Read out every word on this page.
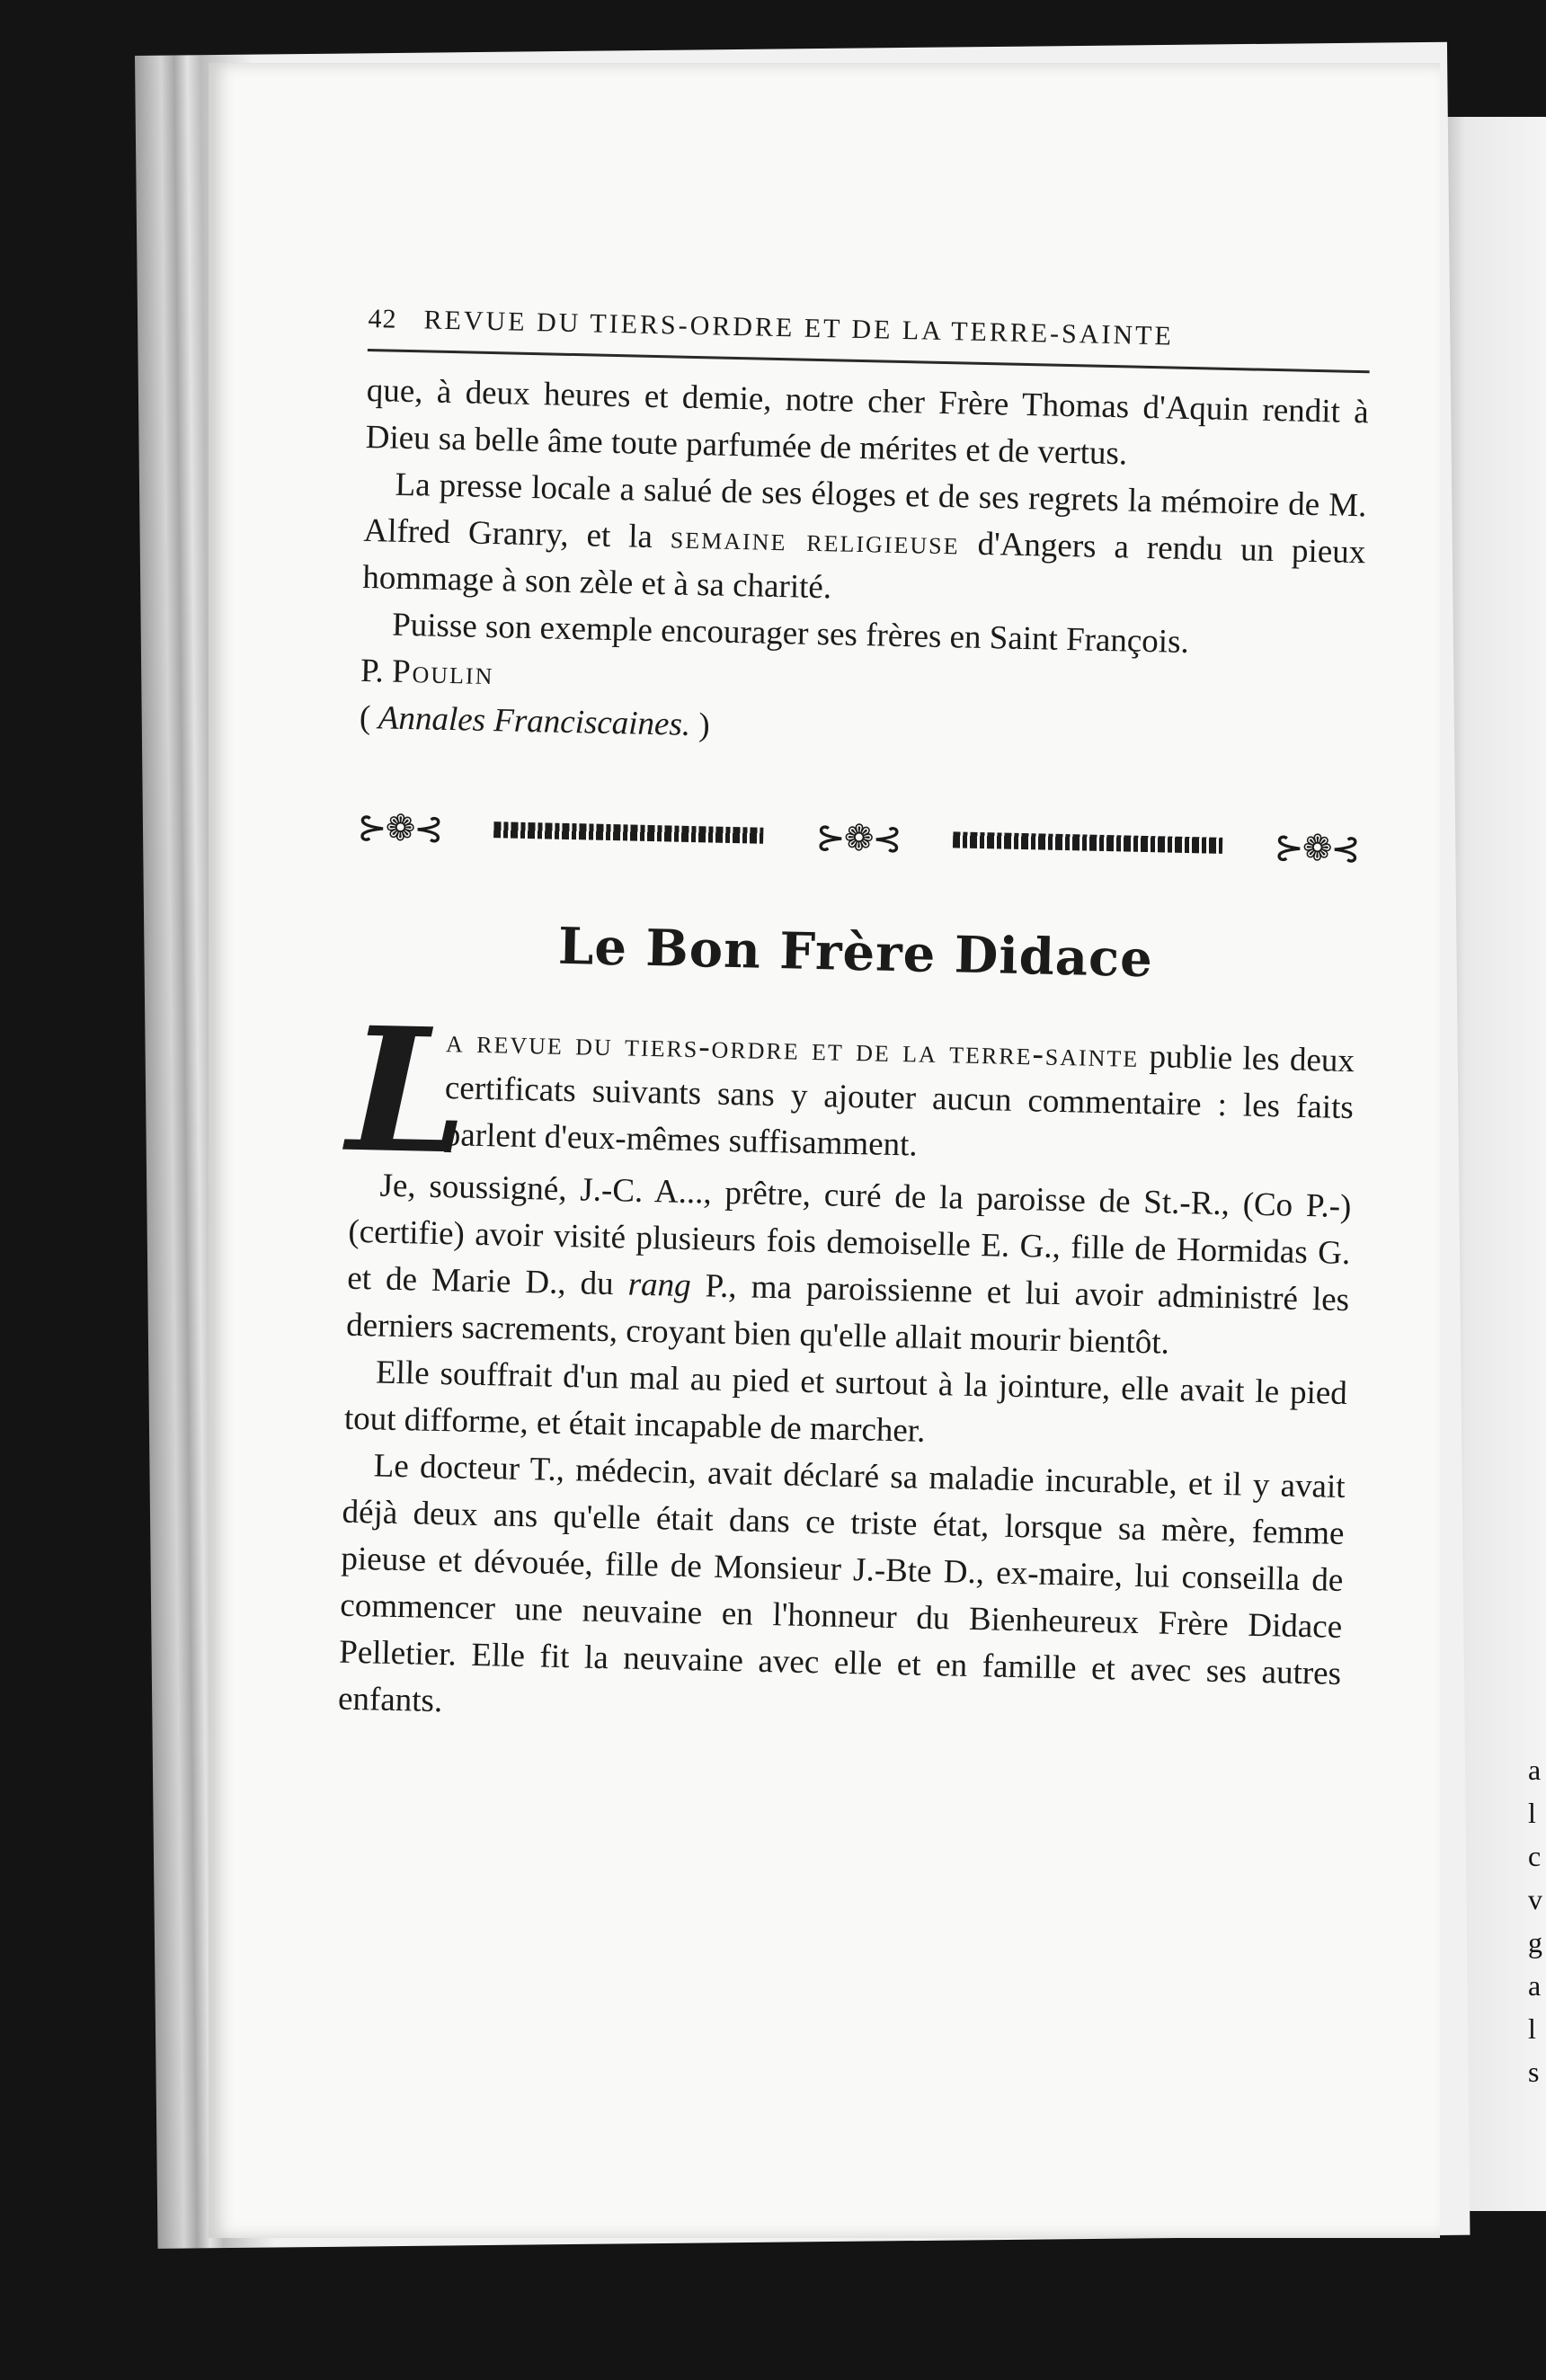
a
l
c
v
g
a
l
s
42 REVUE DU TIERS-ORDRE ET DE LA TERRE-SAINTE

que, à deux heures et demie, notre cher Frère Thomas d'Aquin rendit à Dieu sa belle âme toute parfumée de mérites et de vertus.

La presse locale a salué de ses éloges et de ses regrets la mémoire de M. Alfred Granry, et la semaine religieuse d'Angers a rendu un pieux hommage à son zèle et à sa charité.

Puisse son exemple encourager ses frères en Saint François.

P. Poulin

( Annales Franciscaines. )

⊱❁⊰	⊱❁⊰	⊱❁⊰
Le Bon Frère Didace

L
a revue du tiers-ordre et de la terre-sainte publie les deux certificats suivants sans y ajouter aucun commentaire : les faits parlent d'eux-mêmes suffisamment.

Je, soussigné, J.-C. A..., prêtre, curé de la paroisse de St.-R., (Co P.-) (certifie) avoir visité plusieurs fois demoiselle E. G., fille de Hormidas G. et de Marie D., du rang P., ma paroissienne et lui avoir administré les derniers sacrements, croyant bien qu'elle allait mourir bientôt.

Elle souffrait d'un mal au pied et surtout à la jointure, elle avait le pied tout difforme, et était incapable de marcher.

Le docteur T., médecin, avait déclaré sa maladie incurable, et il y avait déjà deux ans qu'elle était dans ce triste état, lorsque sa mère, femme pieuse et dévouée, fille de Monsieur J.-Bte D., ex-maire, lui conseilla de commencer une neuvaine en l'honneur du Bienheureux Frère Didace Pelletier. Elle fit la neuvaine avec elle et en famille et avec ses autres enfants.
